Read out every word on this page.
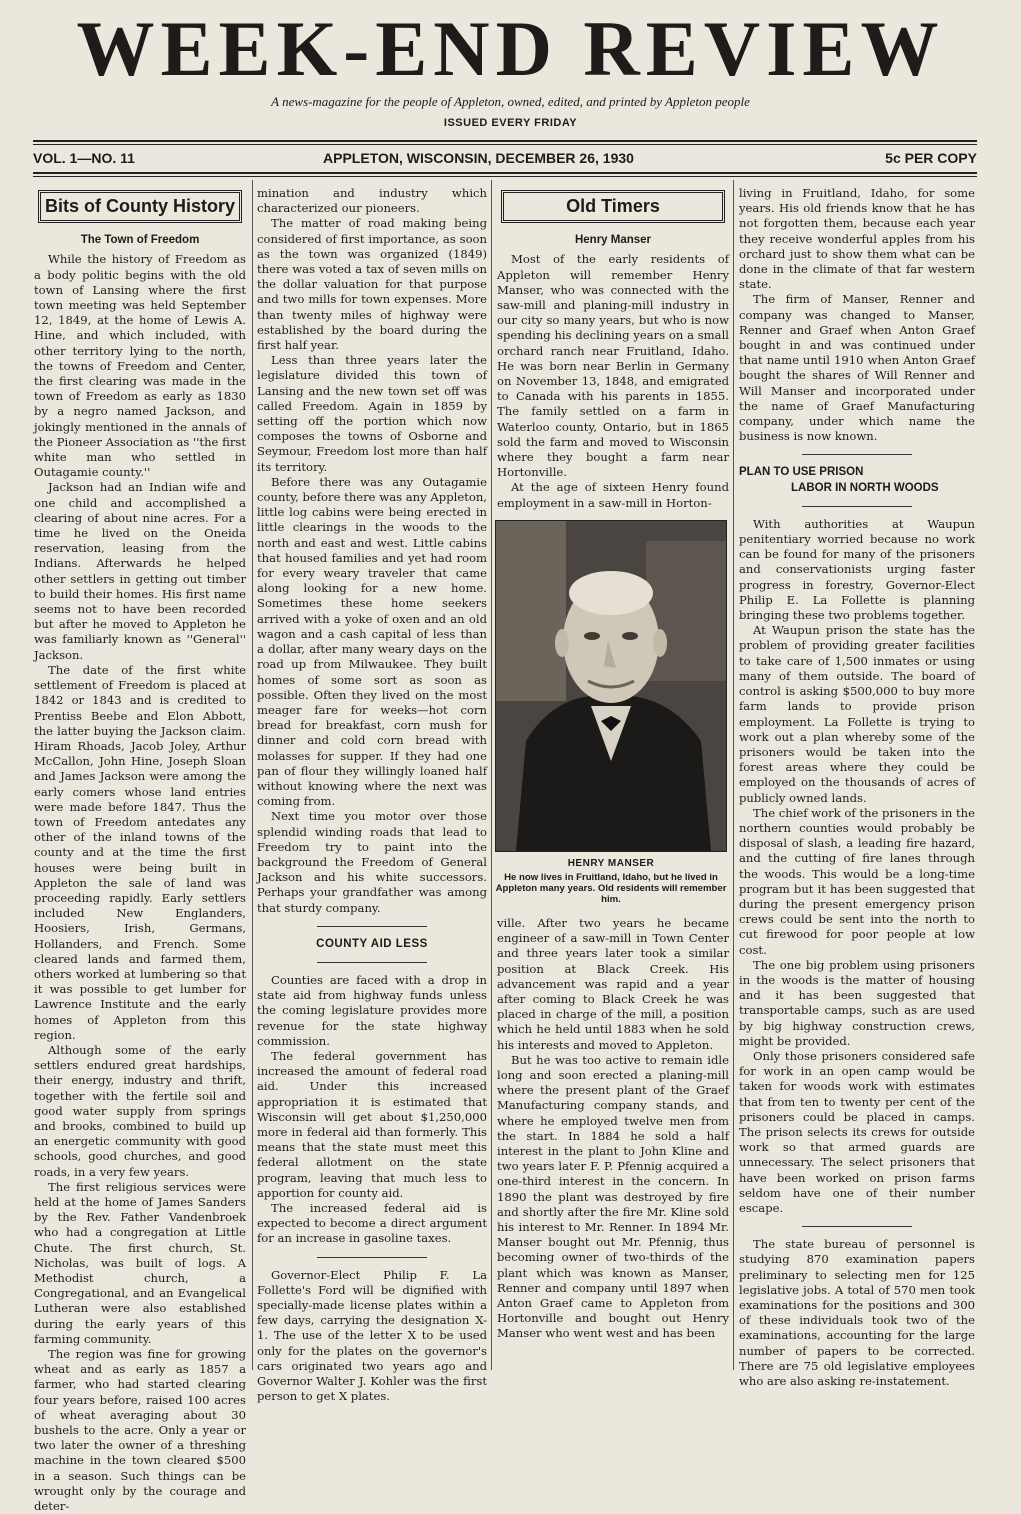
WEEK-END REVIEW
A news-magazine for the people of Appleton, owned, edited, and printed by Appleton people
ISSUED EVERY FRIDAY
VOL. 1—NO. 11	APPLETON, WISCONSIN, DECEMBER 26, 1930	5c PER COPY
Bits of County History
The Town of Freedom

While the history of Freedom as a body politic begins with the old town of Lansing where the first town meeting was held September 12, 1849, at the home of Lewis A. Hine, and which included, with other territory lying to the north, the towns of Freedom and Center, the first clearing was made in the town of Freedom as early as 1830 by a negro named Jackson, and jokingly mentioned in the annals of the Pioneer Association as ''the first white man who settled in Outagamie county.''

Jackson had an Indian wife and one child and accomplished a clearing of about nine acres. For a time he lived on the Oneida reservation, leasing from the Indians. Afterwards he helped other settlers in getting out timber to build their homes. His first name seems not to have been recorded but after he moved to Appleton he was familiarly known as ''General'' Jackson.

The date of the first white settlement of Freedom is placed at 1842 or 1843 and is credited to Prentiss Beebe and Elon Abbott, the latter buying the Jackson claim. Hiram Rhoads, Jacob Joley, Arthur McCallon, John Hine, Joseph Sloan and James Jackson were among the early comers whose land entries were made before 1847. Thus the town of Freedom antedates any other of the inland towns of the county and at the time the first houses were being built in Appleton the sale of land was proceeding rapidly. Early settlers included New Englanders, Hoosiers, Irish, Germans, Hollanders, and French. Some cleared lands and farmed them, others worked at lumbering so that it was possible to get lumber for Lawrence Institute and the early homes of Appleton from this region.

Although some of the early settlers endured great hardships, their energy, industry and thrift, together with the fertile soil and good water supply from springs and brooks, combined to build up an energetic community with good schools, good churches, and good roads, in a very few years.

The first religious services were held at the home of James Sanders by the Rev. Father Vandenbroek who had a congregation at Little Chute. The first church, St. Nicholas, was built of logs. A Methodist church, a Congregational, and an Evangelical Lutheran were also established during the early years of this farming community.

The region was fine for growing wheat and as early as 1857 a farmer, who had started clearing four years before, raised 100 acres of wheat averaging about 30 bushels to the acre. Only a year or two later the owner of a threshing machine in the town cleared $500 in a season. Such things can be wrought only by the courage and deter-

mination and industry which characterized our pioneers.

The matter of road making being considered of first importance, as soon as the town was organized (1849) there was voted a tax of seven mills on the dollar valuation for that purpose and two mills for town expenses. More than twenty miles of highway were established by the board during the first half year.

Less than three years later the legislature divided this town of Lansing and the new town set off was called Freedom. Again in 1859 by setting off the portion which now composes the towns of Osborne and Seymour, Freedom lost more than half its territory.

Before there was any Outagamie county, before there was any Appleton, little log cabins were being erected in little clearings in the woods to the north and east and west. Little cabins that housed families and yet had room for every weary traveler that came along looking for a new home. Sometimes these home seekers arrived with a yoke of oxen and an old wagon and a cash capital of less than a dollar, after many weary days on the road up from Milwaukee. They built homes of some sort as soon as possible. Often they lived on the most meager fare for weeks—hot corn bread for breakfast, corn mush for dinner and cold corn bread with molasses for supper. If they had one pan of flour they willingly loaned half without knowing where the next was coming from.

Next time you motor over those splendid winding roads that lead to Freedom try to paint into the background the Freedom of General Jackson and his white successors. Perhaps your grandfather was among that sturdy company.

COUNTY AID LESS

Counties are faced with a drop in state aid from highway funds unless the coming legislature provides more revenue for the state highway commission.

The federal government has increased the amount of federal road aid. Under this increased appropriation it is estimated that Wisconsin will get about $1,250,000 more in federal aid than formerly. This means that the state must meet this federal allotment on the state program, leaving that much less to apportion for county aid.

The increased federal aid is expected to become a direct argument for an increase in gasoline taxes.

Governor-Elect Philip F. La Follette's Ford will be dignified with specially-made license plates within a few days, carrying the designation X-1. The use of the letter X to be used only for the plates on the governor's cars originated two years ago and Governor Walter J. Kohler was the first person to get X plates.

Old Timers
Henry Manser

Most of the early residents of Appleton will remember Henry Manser, who was connected with the saw-mill and planing-mill industry in our city so many years, but who is now spending his declining years on a small orchard ranch near Fruitland, Idaho. He was born near Berlin in Germany on November 13, 1848, and emigrated to Canada with his parents in 1855. The family settled on a farm in Waterloo county, Ontario, but in 1865 sold the farm and moved to Wisconsin where they bought a farm near Hortonville.

At the age of sixteen Henry found employment in a saw-mill in Horton-

HENRY MANSER
He now lives in Fruitland, Idaho, but he lived in Appleton many years. Old residents will remember him.

ville. After two years he became engineer of a saw-mill in Town Center and three years later took a similar position at Black Creek. His advancement was rapid and a year after coming to Black Creek he was placed in charge of the mill, a position which he held until 1883 when he sold his interests and moved to Appleton.

But he was too active to remain idle long and soon erected a planing-mill where the present plant of the Graef Manufacturing company stands, and where he employed twelve men from the start. In 1884 he sold a half interest in the plant to John Kline and two years later F. P. Pfennig acquired a one-third interest in the concern. In 1890 the plant was destroyed by fire and shortly after the fire Mr. Kline sold his interest to Mr. Renner. In 1894 Mr. Manser bought out Mr. Pfennig, thus becoming owner of two-thirds of the plant which was known as Manser, Renner and company until 1897 when Anton Graef came to Appleton from Hortonville and bought out Henry Manser who went west and has been

living in Fruitland, Idaho, for some years. His old friends know that he has not forgotten them, because each year they receive wonderful apples from his orchard just to show them what can be done in the climate of that far western state.

The firm of Manser, Renner and company was changed to Manser, Renner and Graef when Anton Graef bought in and was continued under that name until 1910 when Anton Graef bought the shares of Will Renner and Will Manser and incorporated under the name of Graef Manufacturing company, under which name the business is now known.

PLAN TO USE PRISON
LABOR IN NORTH WOODS

With authorities at Waupun penitentiary worried because no work can be found for many of the prisoners and conservationists urging faster progress in forestry, Governor-Elect Philip E. La Follette is planning bringing these two problems together.

At Waupun prison the state has the problem of providing greater facilities to take care of 1,500 inmates or using many of them outside. The board of control is asking $500,000 to buy more farm lands to provide prison employment. La Follette is trying to work out a plan whereby some of the prisoners would be taken into the forest areas where they could be employed on the thousands of acres of publicly owned lands.

The chief work of the prisoners in the northern counties would probably be disposal of slash, a leading fire hazard, and the cutting of fire lanes through the woods. This would be a long-time program but it has been suggested that during the present emergency prison crews could be sent into the north to cut firewood for poor people at low cost.

The one big problem using prisoners in the woods is the matter of housing and it has been suggested that transportable camps, such as are used by big highway construction crews, might be provided.

Only those prisoners considered safe for work in an open camp would be taken for woods work with estimates that from ten to twenty per cent of the prisoners could be placed in camps. The prison selects its crews for outside work so that armed guards are unnecessary. The select prisoners that have been worked on prison farms seldom have one of their number escape.

The state bureau of personnel is studying 870 examination papers preliminary to selecting men for 125 legislative jobs. A total of 570 men took examinations for the positions and 300 of these individuals took two of the examinations, accounting for the large number of papers to be corrected. There are 75 old legislative employees who are also asking re-instatement.
